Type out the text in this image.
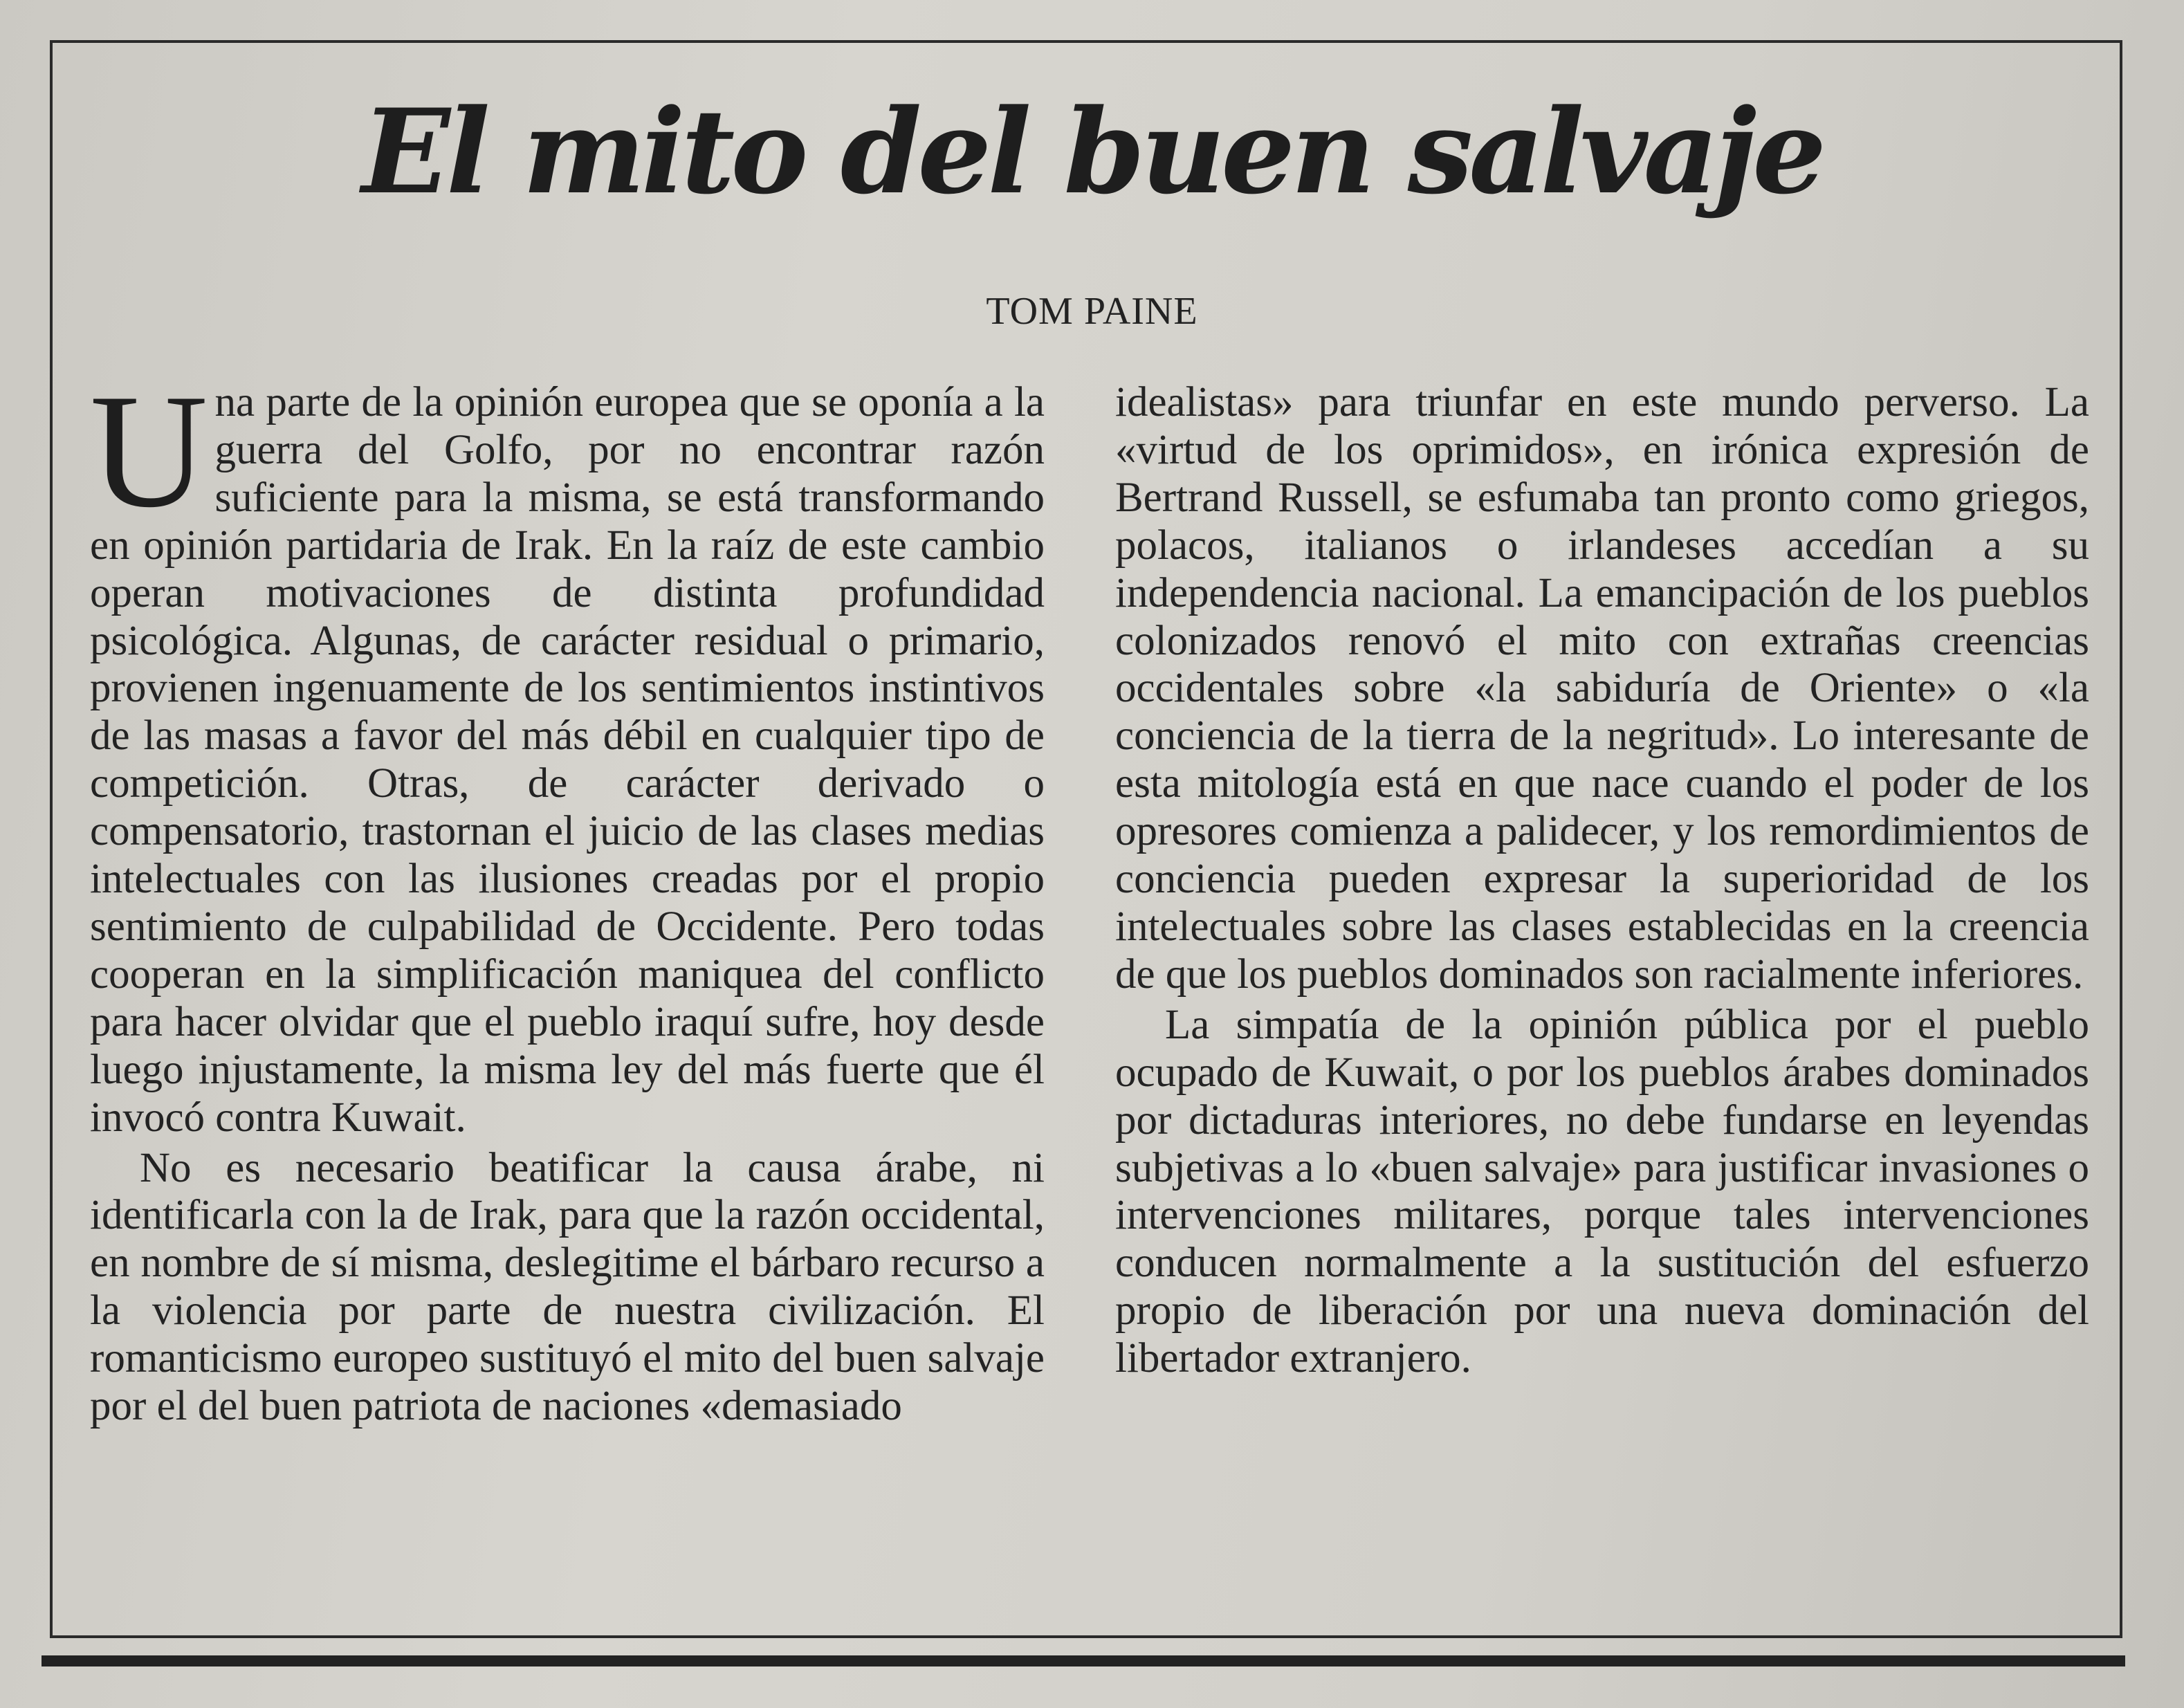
El mito del buen salvaje
TOM PAINE

Una parte de la opinión europea que se oponía a la guerra del Golfo, por no encontrar razón suficiente para la misma, se está transformando en opinión partidaria de Irak. En la raíz de este cambio operan motivaciones de distinta profundidad psicológica. Algunas, de carácter residual o primario, provienen ingenuamente de los sentimientos instintivos de las masas a favor del más débil en cualquier tipo de competición. Otras, de carácter derivado o compensatorio, trastornan el juicio de las clases medias intelectuales con las ilusiones creadas por el propio sentimiento de culpabilidad de Occidente. Pero todas cooperan en la simplificación maniquea del conflicto para hacer olvidar que el pueblo iraquí sufre, hoy desde luego injustamente, la misma ley del más fuerte que él invocó contra Kuwait.

No es necesario beatificar la causa árabe, ni identificarla con la de Irak, para que la razón occidental, en nombre de sí misma, deslegitime el bárbaro recurso a la violencia por parte de nuestra civilización. El romanticismo europeo sustituyó el mito del buen salvaje por el del buen patriota de naciones «demasiado

idealistas» para triunfar en este mundo perverso. La «virtud de los oprimidos», en irónica expresión de Bertrand Russell, se esfumaba tan pronto como griegos, polacos, italianos o irlandeses accedían a su independencia nacional. La emancipación de los pueblos colonizados renovó el mito con extrañas creencias occidentales sobre «la sabiduría de Oriente» o «la conciencia de la tierra de la negritud». Lo interesante de esta mitología está en que nace cuando el poder de los opresores comienza a palidecer, y los remordimientos de conciencia pueden expresar la superioridad de los intelectuales sobre las clases establecidas en la creencia de que los pueblos dominados son racialmente inferiores.

La simpatía de la opinión pública por el pueblo ocupado de Kuwait, o por los pueblos árabes dominados por dictaduras interiores, no debe fundarse en leyendas subjetivas a lo «buen salvaje» para justificar invasiones o intervenciones militares, porque tales intervenciones conducen normalmente a la sustitución del esfuerzo propio de liberación por una nueva dominación del libertador extranjero.
